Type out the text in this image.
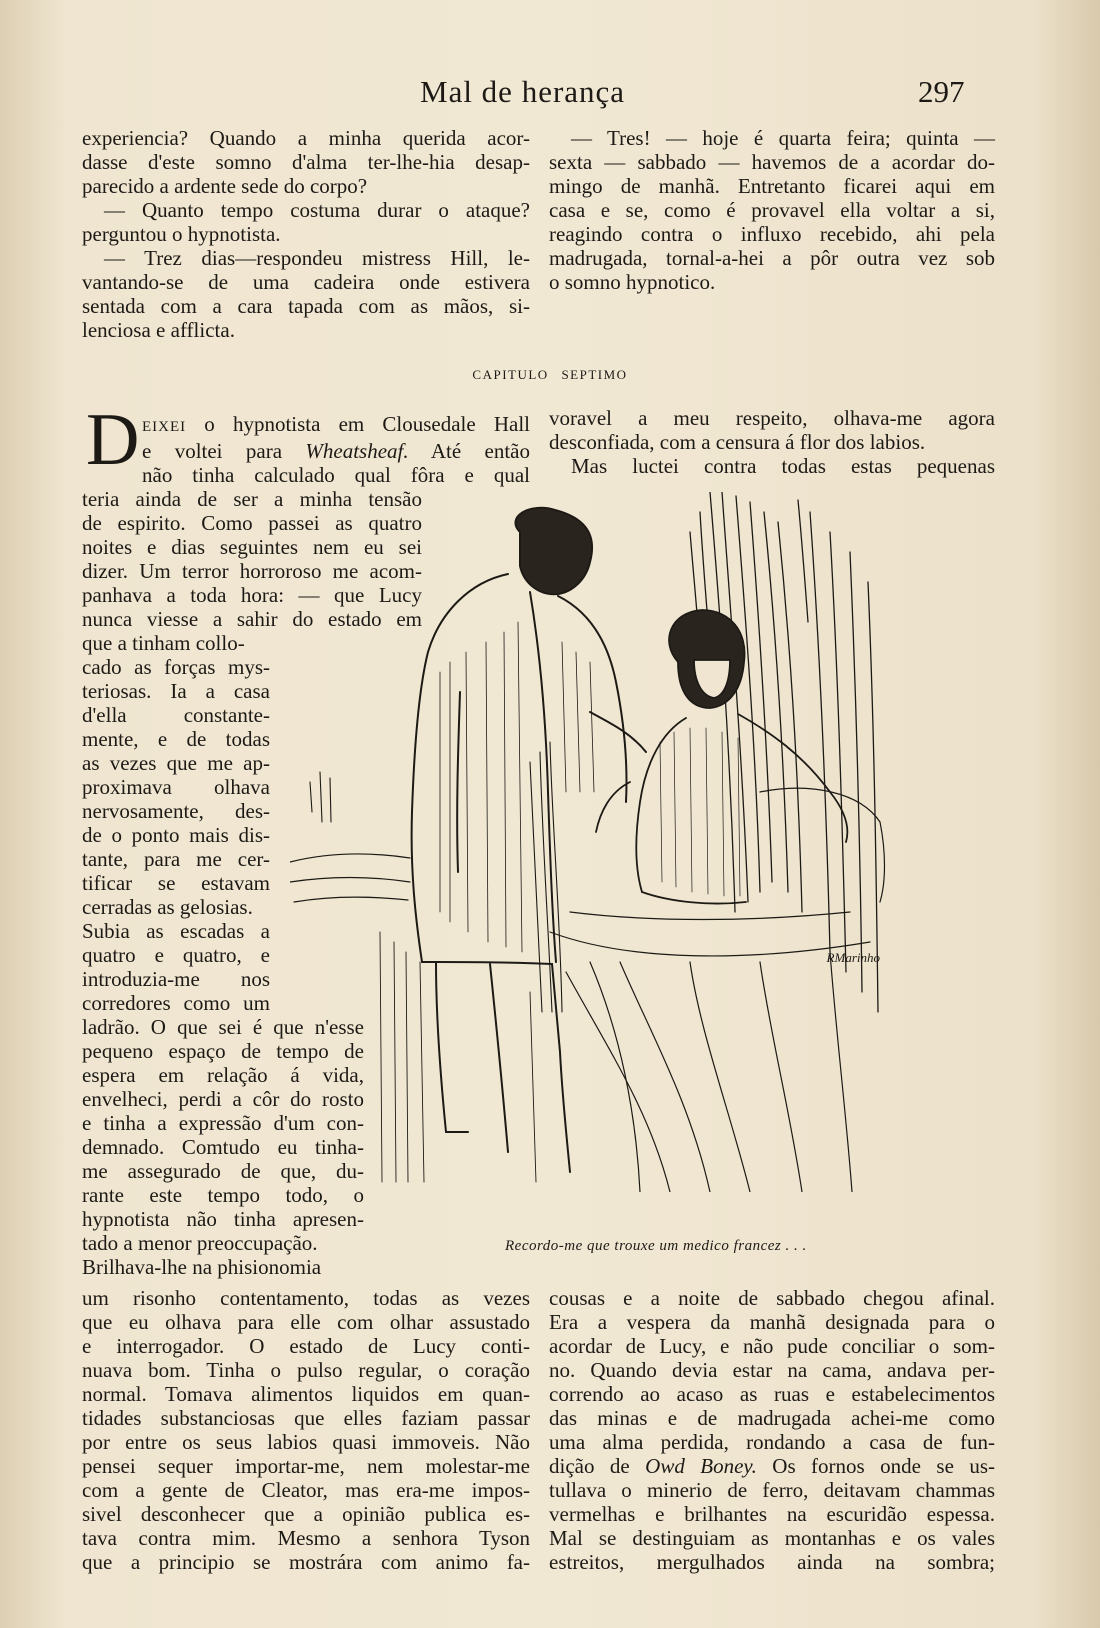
Mal de herança	297
experiencia? Quando a minha querida acor-
dasse d'este somno d'alma ter-lhe-hia desap-
parecido a ardente sede do corpo?
— Quanto tempo costuma durar o ataque?
perguntou o hypnotista.
— Trez dias—respondeu mistress Hill, le-
vantando-se de uma cadeira onde estivera
sentada com a cara tapada com as mãos, si-
lenciosa e afflicta.
— Tres! — hoje é quarta feira; quinta —
sexta — sabbado — havemos de a acordar do-
mingo de manhã. Entretanto ficarei aqui em
casa e se, como é provavel ella voltar a si,
reagindo contra o influxo recebido, ahi pela
madrugada, tornal-a-hei a pôr outra vez sob
o somno hypnotico.
CAPITULO SEPTIMO
D EIXEI o hypnotista em Clousedale Hall
e voltei para Wheatsheaf. Até então
não tinha calculado qual fôra e qual
teria ainda de ser a minha tensão
de espirito. Como passei as quatro
noites e dias seguintes nem eu sei
dizer. Um terror horroroso me acom-
panhava a toda hora: — que Lucy
nunca viesse a sahir do estado em
que a tinham collo-
cado as forças mys-
teriosas. Ia a casa
d'ella constante-
mente, e de todas
as vezes que me ap-
proximava olhava
nervosamente, des-
de o ponto mais dis-
tante, para me cer-
tificar se estavam
cerradas as gelosias.
Subia as escadas a
quatro e quatro, e
introduzia-me nos
corredores como um
ladrão. O que sei é que n'esse
pequeno espaço de tempo de
espera em relação á vida,
envelheci, perdi a côr do rosto
e tinha a expressão d'um con-
demnado. Comtudo eu tinha-
me assegurado de que, du-
rante este tempo todo, o
hypnotista não tinha apresen-
tado a menor preoccupação.
Brilhava-lhe na phisionomia
voravel a meu respeito, olhava-me agora
desconfiada, com a censura á flor dos labios.
Mas luctei contra todas estas pequenas
RMarinho
Recordo-me que trouxe um medico francez . . .
um risonho contentamento, todas as vezes
que eu olhava para elle com olhar assustado
e interrogador. O estado de Lucy conti-
nuava bom. Tinha o pulso regular, o coração
normal. Tomava alimentos liquidos em quan-
tidades substanciosas que elles faziam passar
por entre os seus labios quasi immoveis. Não
pensei sequer importar-me, nem molestar-me
com a gente de Cleator, mas era-me impos-
sivel desconhecer que a opinião publica es-
tava contra mim. Mesmo a senhora Tyson
que a principio se mostrára com animo fa-
cousas e a noite de sabbado chegou afinal.
Era a vespera da manhã designada para o
acordar de Lucy, e não pude conciliar o som-
no. Quando devia estar na cama, andava per-
correndo ao acaso as ruas e estabelecimentos
das minas e de madrugada achei-me como
uma alma perdida, rondando a casa de fun-
dição de Owd Boney. Os fornos onde se us-
tullava o minerio de ferro, deitavam chammas
vermelhas e brilhantes na escuridão espessa.
Mal se destinguiam as montanhas e os vales
estreitos, mergulhados ainda na sombra;
